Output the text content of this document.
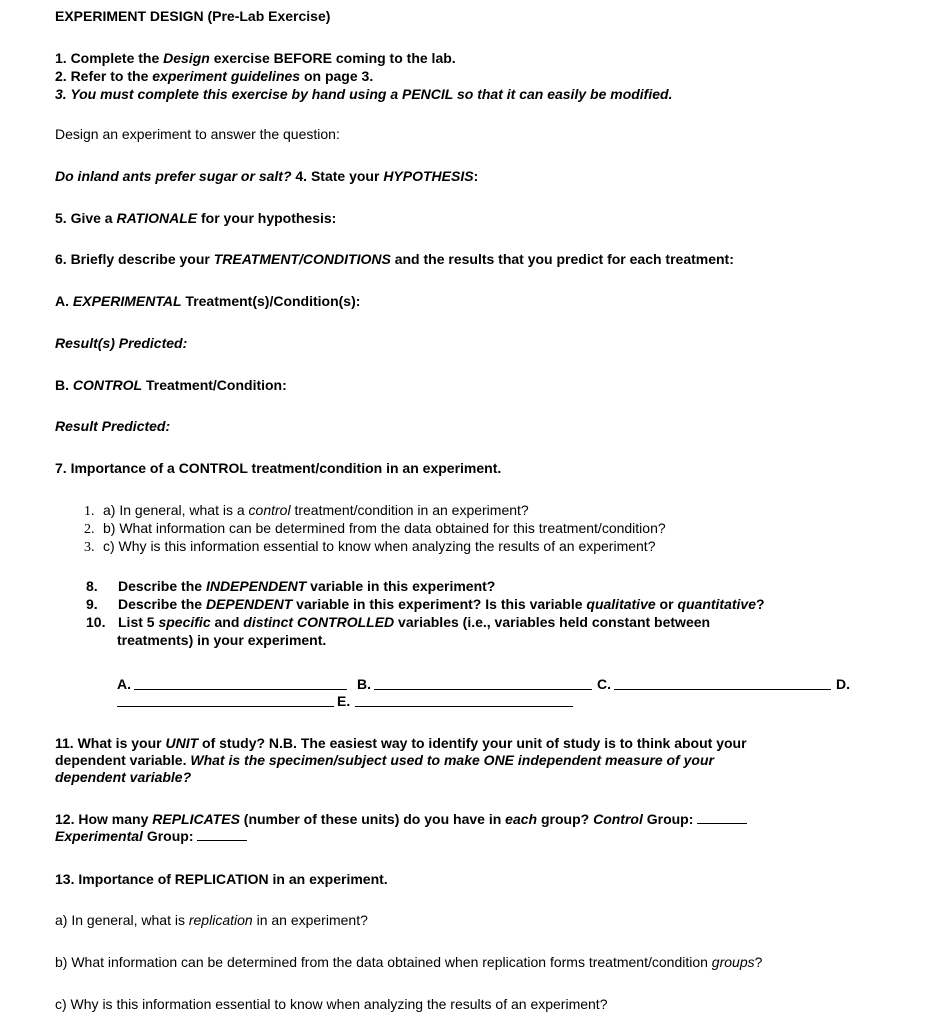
EXPERIMENT DESIGN (Pre-Lab Exercise)
1. Complete the Design exercise BEFORE coming to the lab.
2. Refer to the experiment guidelines on page 3.
3. You must complete this exercise by hand using a PENCIL so that it can easily be modified.
Design an experiment to answer the question:
Do inland ants prefer sugar or salt? 4. State your HYPOTHESIS:
5. Give a RATIONALE for your hypothesis:
6. Briefly describe your TREATMENT/CONDITIONS and the results that you predict for each treatment:
A. EXPERIMENTAL Treatment(s)/Condition(s):
Result(s) Predicted:
B. CONTROL Treatment/Condition:
Result Predicted:
7. Importance of a CONTROL treatment/condition in an experiment.
1. a) In general, what is a control treatment/condition in an experiment?
2. b) What information can be determined from the data obtained for this treatment/condition?
3. c) Why is this information essential to know when analyzing the results of an experiment?
8. Describe the INDEPENDENT variable in this experiment?
9. Describe the DEPENDENT variable in this experiment? Is this variable qualitative or quantitative?
10. List 5 specific and distinct CONTROLLED variables (i.e., variables held constant between
treatments) in your experiment.
A.	B.	C.	D.
E.
11. What is your UNIT of study? N.B. The easiest way to identify your unit of study is to think about your
dependent variable. What is the specimen/subject used to make ONE independent measure of your
dependent variable?
12. How many REPLICATES (number of these units) do you have in each group? Control Group:
Experimental Group:
13. Importance of REPLICATION in an experiment.
a) In general, what is replication in an experiment?
b) What information can be determined from the data obtained when replication forms treatment/condition groups?
c) Why is this information essential to know when analyzing the results of an experiment?
